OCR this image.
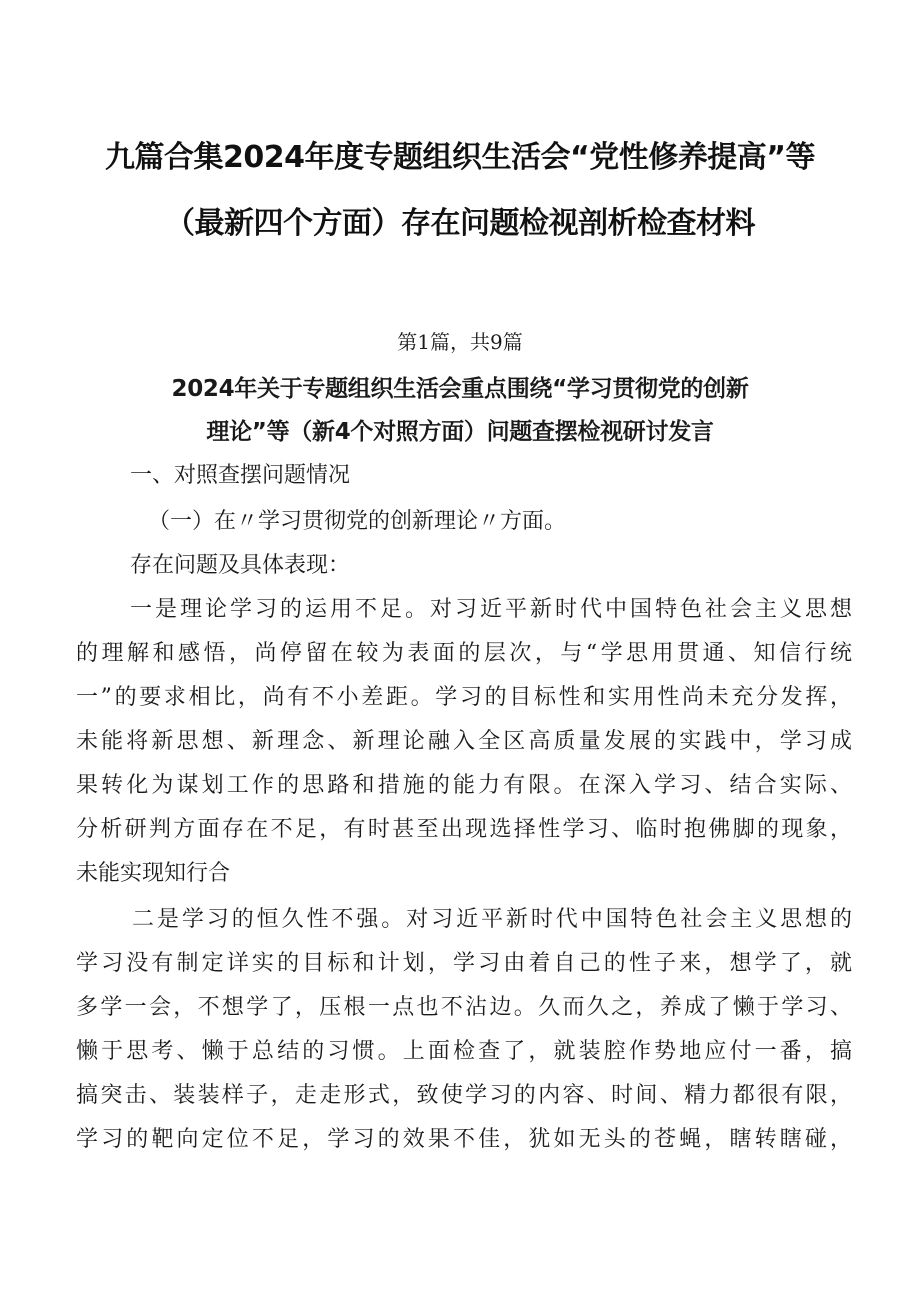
九篇合集2024年度专题组织生活会“党性修养提高”等
（最新四个方面）存在问题检视剖析检查材料
第1篇，共9篇
2024年关于专题组织生活会重点围绕“学习贯彻党的创新
理论”等（新4个对照方面）问题查摆检视研讨发言
一、对照查摆问题情况
（一）在〃学习贯彻党的创新理论〃方面。
存在问题及具体表现：
一是理论学习的运用不足。对习近平新时代中国特色社会主义思想
的理解和感悟，尚停留在较为表面的层次，与“学思用贯通、知信行统
一”的要求相比，尚有不小差距。学习的目标性和实用性尚未充分发挥，
未能将新思想、新理念、新理论融入全区高质量发展的实践中，学习成
果转化为谋划工作的思路和措施的能力有限。在深入学习、结合实际、
分析研判方面存在不足，有时甚至出现选择性学习、临时抱佛脚的现象，
未能实现知行合
二是学习的恒久性不强。对习近平新时代中国特色社会主义思想的
学习没有制定详实的目标和计划，学习由着自己的性子来，想学了，就
多学一会，不想学了，压根一点也不沾边。久而久之，养成了懒于学习、
懒于思考、懒于总结的习惯。上面检查了，就装腔作势地应付一番，搞
搞突击、装装样子，走走形式，致使学习的内容、时间、精力都很有限，
学习的靶向定位不足，学习的效果不佳，犹如无头的苍蝇，瞎转瞎碰，
